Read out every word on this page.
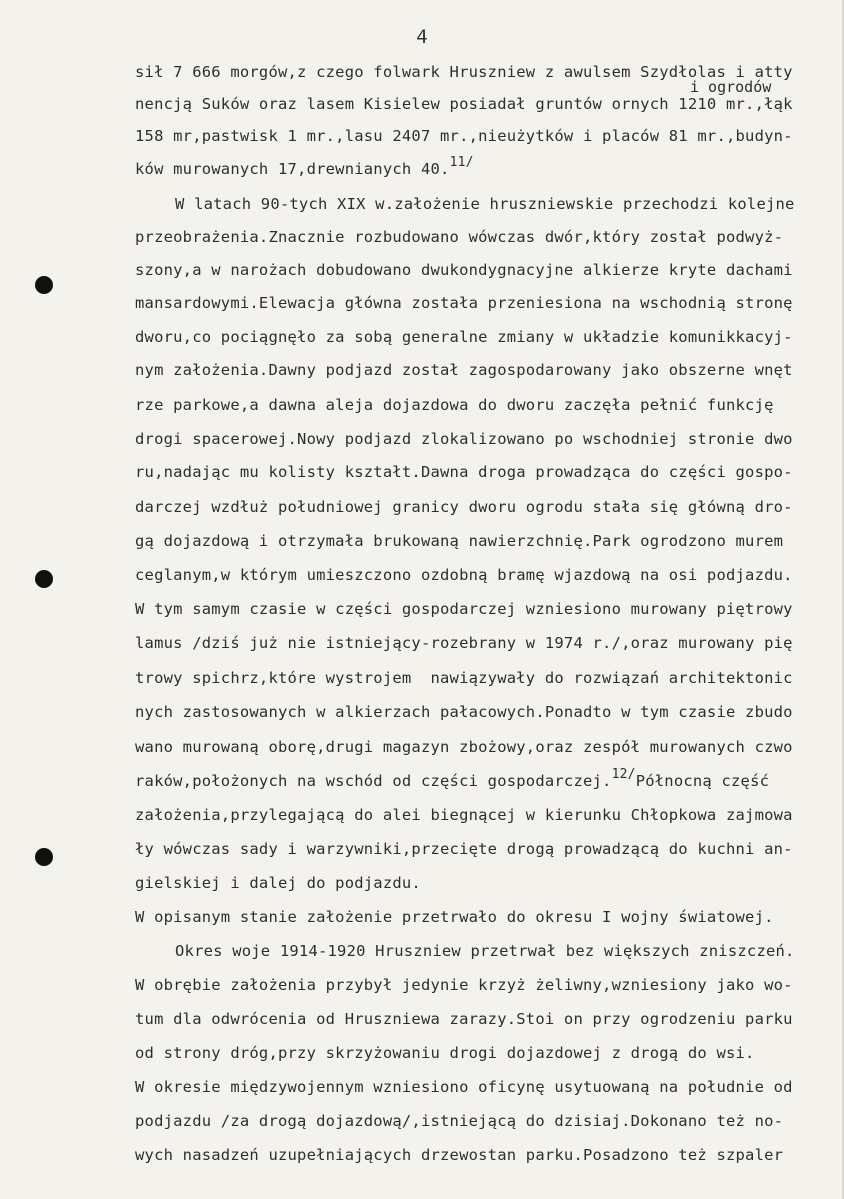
4
i ogrodów
sił 7 666 morgów,z czego folwark Hruszniew z awulsem Szydłolas i atty
nencją Suków oraz lasem Kisielew posiadał gruntów ornych 1210 mr.,łąk
158 mr,pastwisk 1 mr.,lasu 2407 mr.,nieużytków i placów 81 mr.,budyn-
ków murowanych 17,drewnianych 40.$^{11/}$
W latach 90-tych XIX w.założenie hruszniewskie przechodzi kolejne
przeobrażenia.Znacznie rozbudowano wówczas dwór,który został podwyż-
szony,a w narożach dobudowano dwukondygnacyjne alkierze kryte dachami
mansardowymi.Elewacja główna została przeniesiona na wschodnią stronę
dworu,co pociągnęło za sobą generalne zmiany w układzie komunikkacyj-
nym założenia.Dawny podjazd został zagospodarowany jako obszerne wnęt
rze parkowe,a dawna aleja dojazdowa do dworu zaczęła pełnić funkcję
drogi spacerowej.Nowy podjazd zlokalizowano po wschodniej stronie dwo
ru,nadając mu kolisty kształt.Dawna droga prowadząca do części gospo-
darczej wzdłuż południowej granicy dworu ogrodu stała się główną dro-
gą dojazdową i otrzymała brukowaną nawierzchnię.Park ogrodzono murem
ceglanym,w którym umieszczono ozdobną bramę wjazdową na osi podjazdu.
W tym samym czasie w części gospodarczej wzniesiono murowany piętrowy
lamus /dziś już nie istniejący-rozebrany w 1974 r./,oraz murowany pię
trowy spichrz,które wystrojem  nawiązywały do rozwiązań architektonic
nych zastosowanych w alkierzach pałacowych.Ponadto w tym czasie zbudo
wano murowaną oborę,drugi magazyn zbożowy,oraz zespół murowanych czwo
raków,położonych na wschód od części gospodarczej.$^{12/}$Północną część
założenia,przylegającą do alei biegnącej w kierunku Chłopkowa zajmowa
ły wówczas sady i warzywniki,przecięte drogą prowadzącą do kuchni an-
gielskiej i dalej do podjazdu.
W opisanym stanie założenie przetrwało do okresu I wojny światowej.
Okres woje 1914-1920 Hruszniew przetrwał bez większych zniszczeń.
W obrębie założenia przybył jedynie krzyż żeliwny,wzniesiony jako wo-
tum dla odwrócenia od Hruszniewa zarazy.Stoi on przy ogrodzeniu parku
od strony dróg,przy skrzyżowaniu drogi dojazdowej z drogą do wsi.
W okresie międzywojennym wzniesiono oficynę usytuowaną na południe od
podjazdu /za drogą dojazdową/,istniejącą do dzisiaj.Dokonano też no-
wych nasadzeń uzupełniających drzewostan parku.Posadzono też szpaler
